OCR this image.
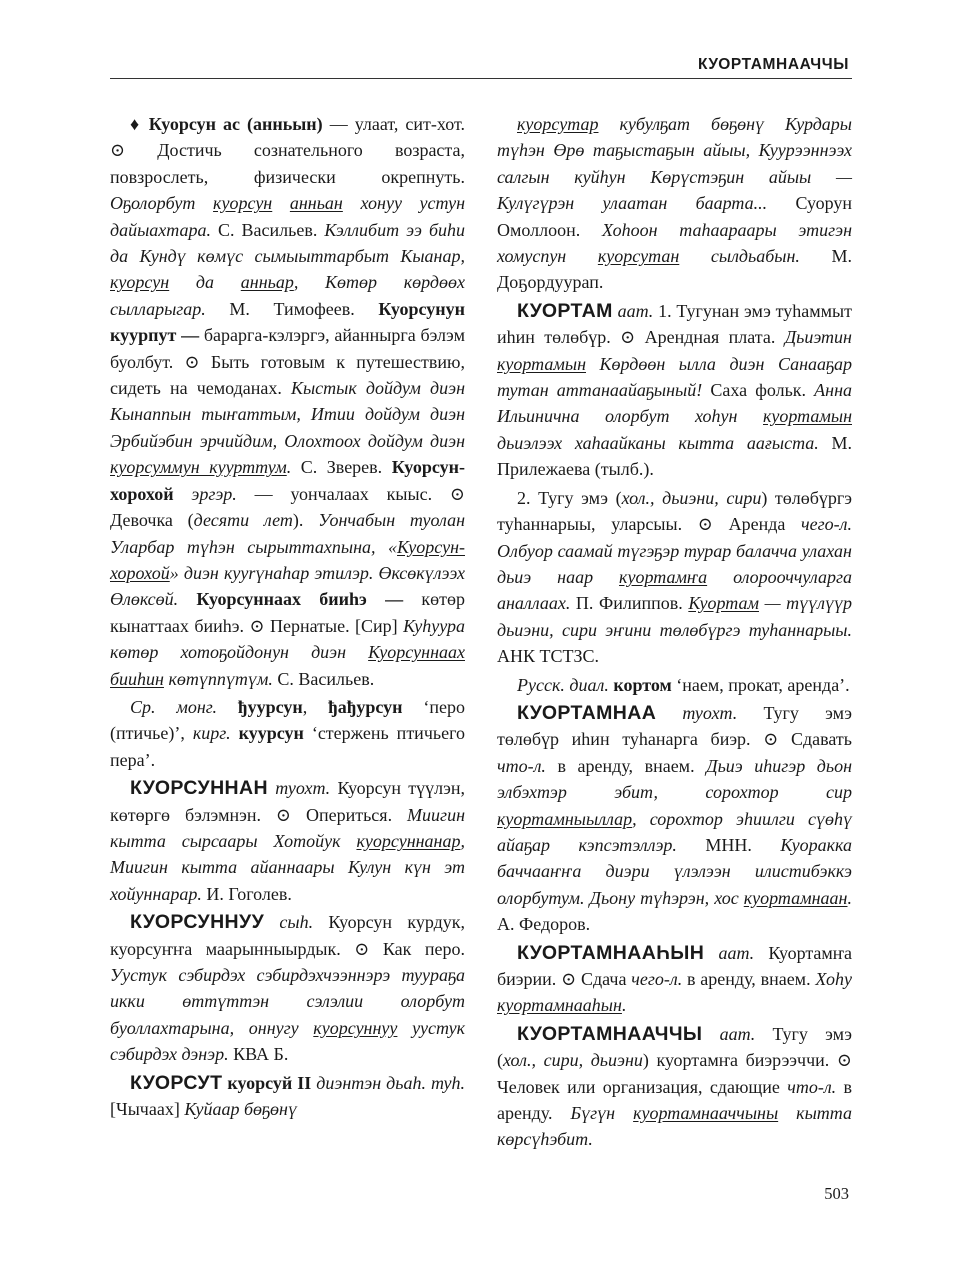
КУОРТАМНААЧЧЫ

♦ Куорсун ас (анньын) — улаат, сит-хот. ⊙ Достичь сознательного возраста, повзрослеть, физически окрепнуть. Оҕолорбут куорсун анньан хонуу устун дайыахтара. С. Васильев. Кэллибит ээ биһи да Кундү көмүс сымыыттарбыт Кыанар, куорсун да анньар, Көтөр көрдөөх сылларыгар. М. Тимофеев. Куорсунун куурпут — бараргa-кэлэргэ, айаннырга бэлэм буолбут. ⊙ Быть готовым к путешествию, сидеть на чемоданах. Кыстык дойдум диэн Кынаппын тыҥаттым, Итии дойдум диэн Эрбийэбин эрчийдим, Олохтоох дойдум диэн куорсуммун куурттум. С. Зверев. Куорсун-хорохой эргэр. — уончалаах кыыс. ⊙ Девочка (десяти лет). Уончабын туолан Уларбар түһэн сырыттахпына, «Куорсун-хорохой» диэн кууrүнаһар этилэр. Өксөкүлээх Өлөксөй. Куорсуннаах бииһэ — көтөр кынаттаах бииһэ. ⊙ Пернатые. [Сир] Куһуура көтөр хотоҕойдонун диэн Куорсуннаах бииһин көтүппүтүм. С. Васильев.

Ср. монг. ђуурсун, ђађурсун ‘перо (птичье)’, кирг. куурсун ‘стержень птичьего пера’.

КУОРСУННАН туохт. Куорсун түүлэн, көтөргө бэлэмнэн. ⊙ Опериться. Миигин кытта сырсаары Хотойук куорсуннанар, Миигин кытта айаннаары Кулун күн эт хойуннарар. И. Гоголев.

КУОРСУННУУ сыһ. Куорсун курдук, куорсуҥҥа маарынныырдык. ⊙ Как перо. Уустук сэбирдэх сэбирдэхчээннэрэ тууpaҕa икки өттүттэн сэлэлии олорбут буоллахтарына, оннугу куорсуннуу уустук сэбирдэх дэнэр. КВА Б.

КУОРСУТ куорсуй II диэнтэн дьаһ. туһ. [Чычаах] Куйаар бөҕөнү

куорсутар кубулҕат бөҕөнү Курдары түһэн Өрө таҕыстаҕын айыы, Кууpээннээх салгын куйһун Көрүстэҕин айыы — Кулүгүрэн улаатан баарта... Суорун Омоллоон. Хоһоон таһаараары этигэн хомуспун куорсутан сылдьабын. М. Доҕордуурап.

КУОРТАМ аат. 1. Тугунан эмэ туһаммыт иһин төлөбүр. ⊙ Арендная плата. Дьиэтин куортамын Көрдөөн ылла диэн Санааҕар тутан аттанаайаҕыный! Саха фольк. Анна Ильинична олорбут хоһун куортамын дьиэлээх хаһаайканы кытта аағыста. М. Прилежаева (тылб.).

2. Тугу эмэ (хол., дьиэни, сири) төлөбүргэ туһаннарыы, уларсыы. ⊙ Аренда чего-л. Олбуор саамай түгэҕэр турар балачча улахан дьиэ наар куортамҥа олорооччуларга аналлаах. П. Филиппов. Куортам — түүлүүр дьиэни, сири эҥини төлөбүргэ туһаннарыы. АНК ТСТЗС.

Русск. диал. кортом ‘наем, прокат, аренда’.

КУОРТАМНАА туохт. Тугу эмэ төлөбүр иһин туһанарга биэр. ⊙ Сдавать что-л. в аренду, внаем. Дьиэ иһигэр дьон элбэхтэр эбит, сорохтор сир куортамныыллар, сорохтор эһиилги сүөһү айаҕар кэпсэтэллэр. МНН. Куоракка баччааҥҥа диэри үлэлээн илистибэккэ олорбутум. Дьону түһэрэн, хос куортамнаан. А. Федоров.

КУОРТАМНААҺЫН аат. Куортамҥа биэрии. ⊙ Сдача чего-л. в аренду, внаем. Хоһу куортамнааһын.

КУОРТАМНААЧЧЫ аат. Тугу эмэ (хол., сири, дьиэни) куортамҥа биэрээччи. ⊙ Человек или организация, сдающие что-л. в аренду. Бүгүн куортамнааччыны кытта көрсүһэбит.

503
